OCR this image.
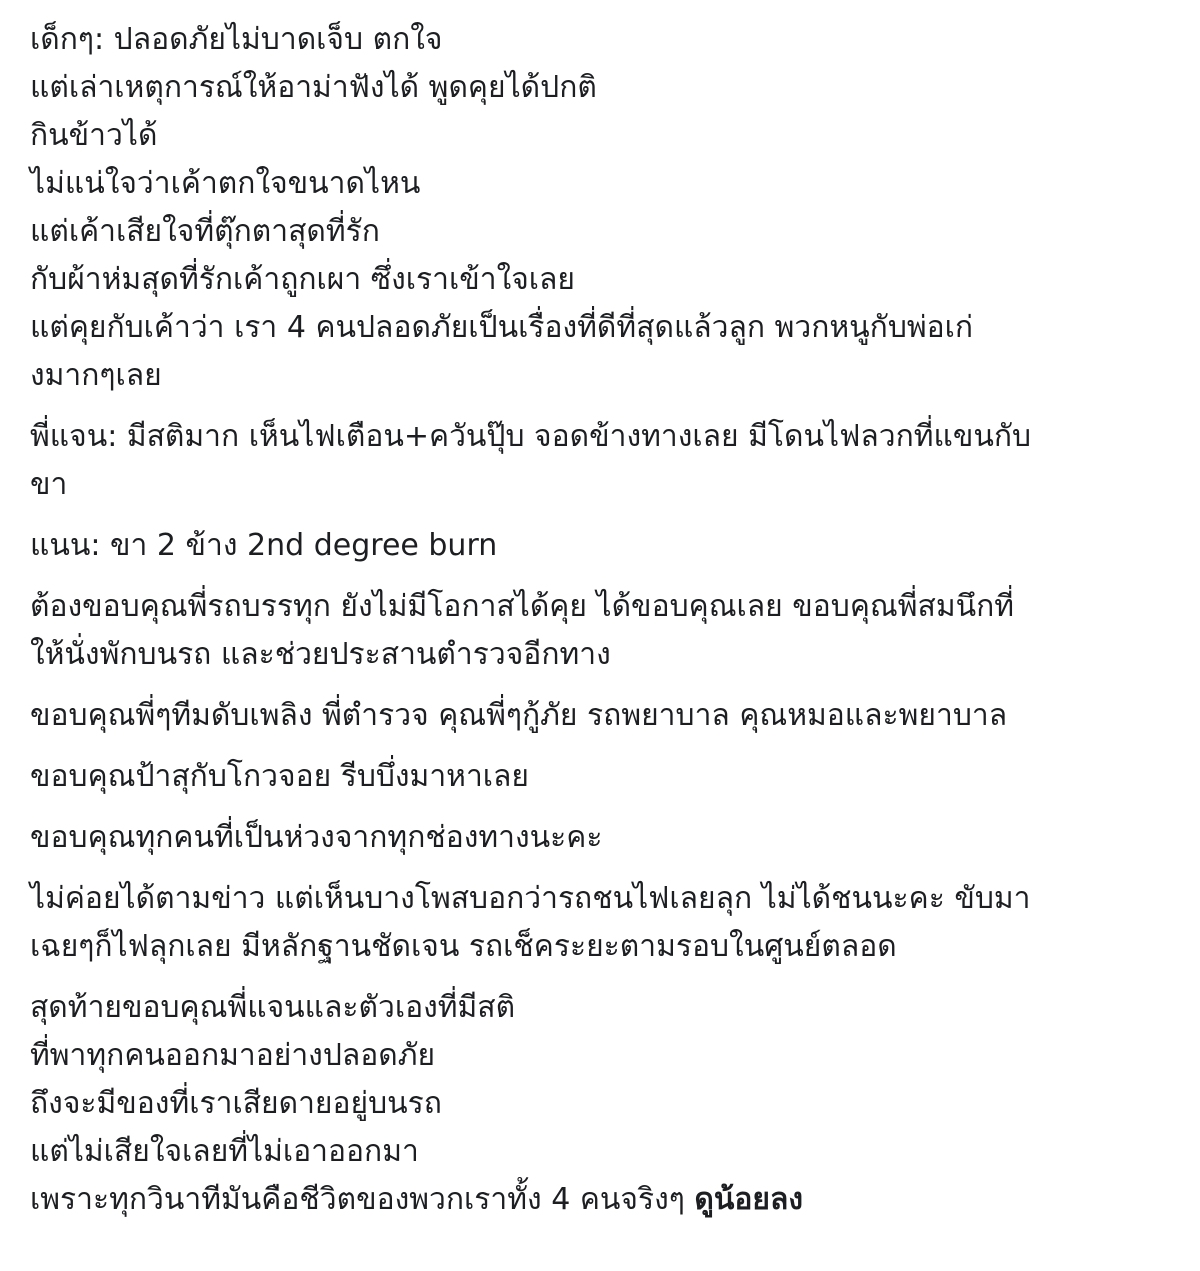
เด็กๆ: ปลอดภัยไม่บาดเจ็บ ตกใจ
แต่เล่าเหตุการณ์ให้อาม่าฟังได้ พูดคุยได้ปกติ
กินข้าวได้
ไม่แน่ใจว่าเค้าตกใจขนาดไหน
แต่เค้าเสียใจที่ตุ๊กตาสุดที่รัก
กับผ้าห่มสุดที่รักเค้าถูกเผา ซึ่งเราเข้าใจเลย
แต่คุยกับเค้าว่า เรา 4 คนปลอดภัยเป็นเรื่องที่ดีที่สุดแล้วลูก พวกหนูกับพ่อเก่
งมากๆเลย
พี่แจน: มีสติมาก เห็นไฟเตือน+ควันปุ๊บ จอดข้างทางเลย มีโดนไฟลวกที่แขนกับ
ขา
แนน: ขา 2 ข้าง 2nd degree burn
ต้องขอบคุณพี่รถบรรทุก ยังไม่มีโอกาสได้คุย ได้ขอบคุณเลย ขอบคุณพี่สมนึกที่
ให้นั่งพักบนรถ และช่วยประสานตำรวจอีกทาง
ขอบคุณพี่ๆทีมดับเพลิง พี่ตำรวจ คุณพี่ๆกู้ภัย รถพยาบาล คุณหมอและพยาบาล
ขอบคุณป้าสุกับโกวจอย รีบบึ่งมาหาเลย
ขอบคุณทุกคนที่เป็นห่วงจากทุกช่องทางนะคะ
ไม่ค่อยได้ตามข่าว แต่เห็นบางโพสบอกว่ารถชนไฟเลยลุก ไม่ได้ชนนะคะ ขับมา
เฉยๆก็ไฟลุกเลย มีหลักฐานชัดเจน รถเช็คระยะตามรอบในศูนย์ตลอด
สุดท้ายขอบคุณพี่แจนและตัวเองที่มีสติ
ที่พาทุกคนออกมาอย่างปลอดภัย
ถึงจะมีของที่เราเสียดายอยู่บนรถ
แต่ไม่เสียใจเลยที่ไม่เอาออกมา
เพราะทุกวินาทีมันคือชีวิตของพวกเราทั้ง 4 คนจริงๆ ดูน้อยลง
